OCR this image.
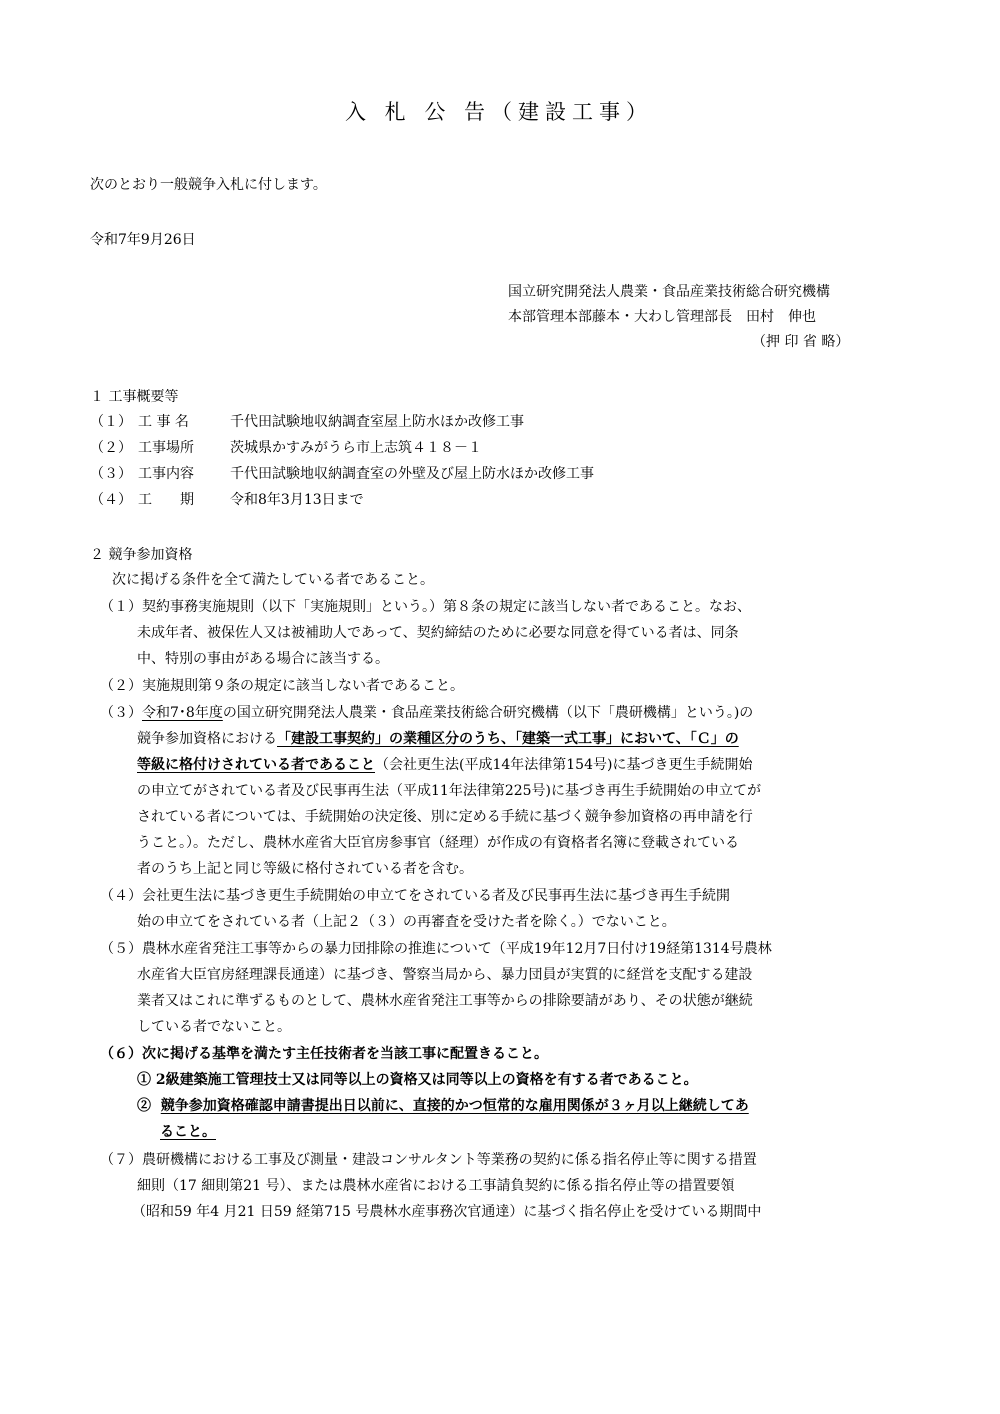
入 札 公 告（建設工事）
次のとおり一般競争入札に付します。
令和7年9月26日
国立研究開発法人農業・食品産業技術総合研究機構
本部管理本部藤本・大わし管理部長　田村　伸也
（押 印 省 略）
１ 工事概要等
（１） 工 事 名	千代田試験地収納調査室屋上防水ほか改修工事
（２） 工事場所	茨城県かすみがうら市上志筑４１８－１
（３） 工事内容	千代田試験地収納調査室の外壁及び屋上防水ほか改修工事
（４） 工　　期	令和8年3月13日まで
２ 競争参加資格
次に掲げる条件を全て満たしている者であること。
（１）契約事務実施規則（以下「実施規則」という。）第８条の規定に該当しない者であること。なお、
未成年者、被保佐人又は被補助人であって、契約締結のために必要な同意を得ている者は、同条
中、特別の事由がある場合に該当する。
（２）実施規則第９条の規定に該当しない者であること。
（３）令和7･8年度の国立研究開発法人農業・食品産業技術総合研究機構（以下「農研機構」という。)の
競争参加資格における「建設工事契約」の業種区分のうち、「建築一式工事」において、「Ｃ」の
等級に格付けされている者であること（会社更生法(平成14年法律第154号)に基づき更生手続開始
の申立てがされている者及び民事再生法（平成11年法律第225号)に基づき再生手続開始の申立てが
されている者については、手続開始の決定後、別に定める手続に基づく競争参加資格の再申請を行
うこと。）。ただし、農林水産省大臣官房参事官（経理）が作成の有資格者名簿に登載されている
者のうち上記と同じ等級に格付されている者を含む。
（４）会社更生法に基づき更生手続開始の申立てをされている者及び民事再生法に基づき再生手続開
始の申立てをされている者（上記２（３）の再審査を受けた者を除く。）でないこと。
（５）農林水産省発注工事等からの暴力団排除の推進について（平成19年12月7日付け19経第1314号農林
水産省大臣官房経理課長通達）に基づき、警察当局から、暴力団員が実質的に経営を支配する建設
業者又はこれに準ずるものとして、農林水産省発注工事等からの排除要請があり、その状態が継続
している者でないこと。
（６）次に掲げる基準を満たす主任技術者を当該工事に配置きること。
① 2級建築施工管理技士又は同等以上の資格又は同等以上の資格を有する者であること。
② 競争参加資格確認申請書提出日以前に、直接的かつ恒常的な雇用関係が３ヶ月以上継続してあ
ること。
（７）農研機構における工事及び測量・建設コンサルタント等業務の契約に係る指名停止等に関する措置
細則（17 細則第21 号）、または農林水産省における工事請負契約に係る指名停止等の措置要領
（昭和59 年4 月21 日59 経第715 号農林水産事務次官通達）に基づく指名停止を受けている期間中
